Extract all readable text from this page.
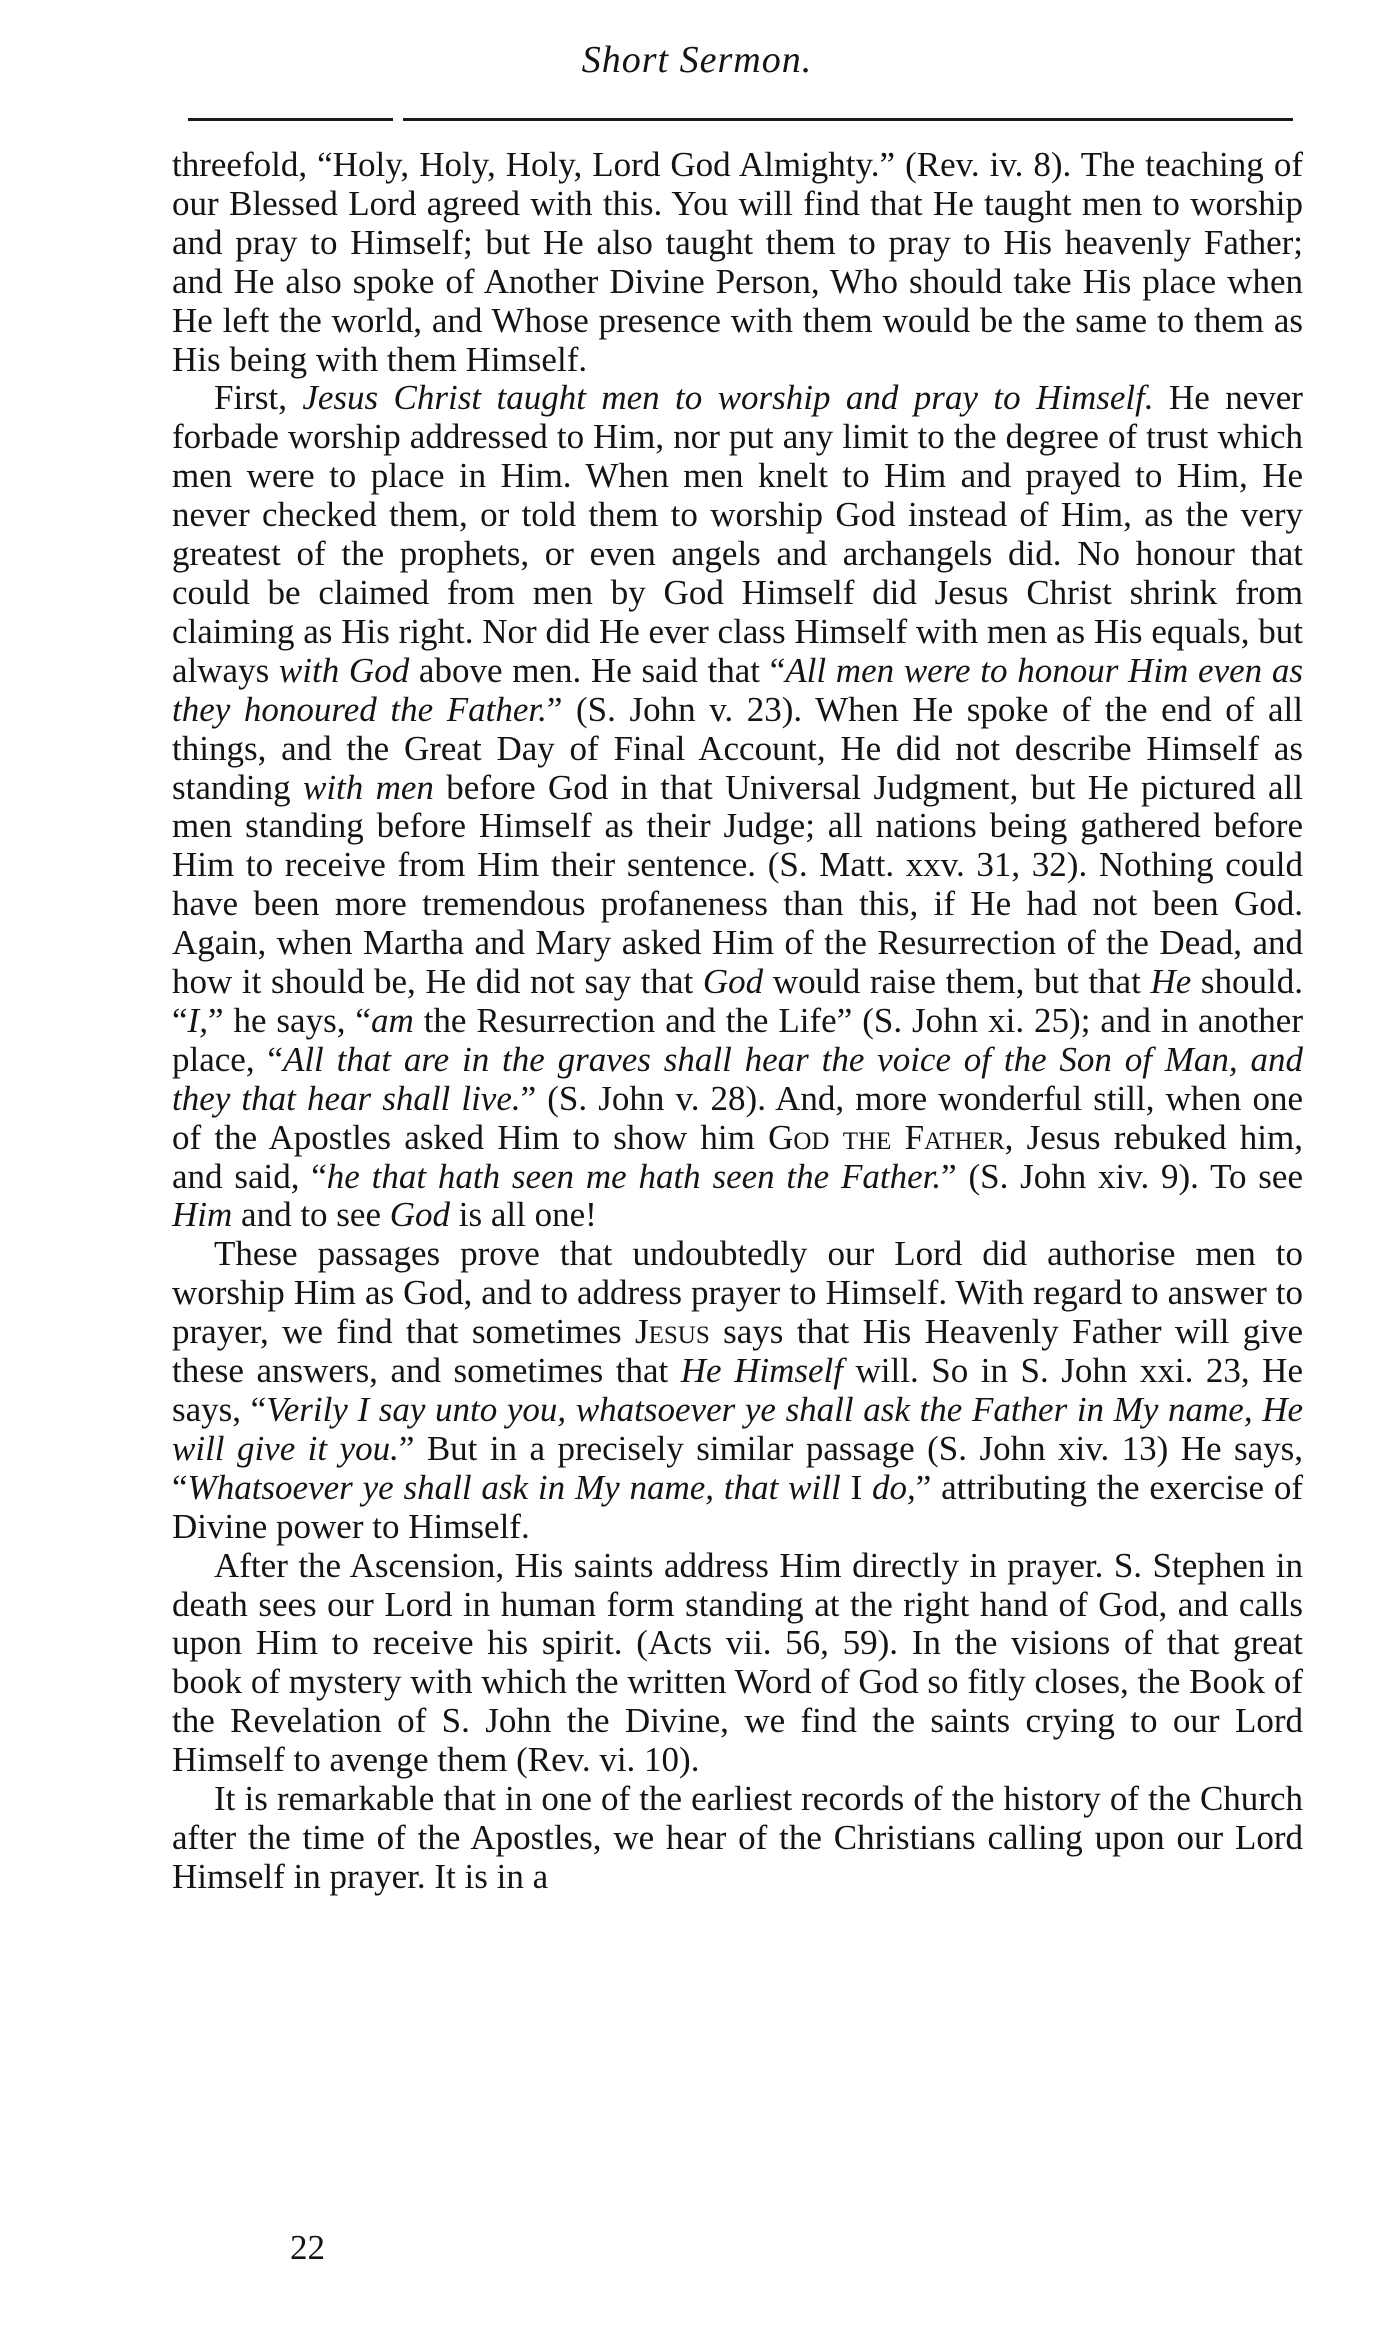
Short Sermon.

threefold, “Holy, Holy, Holy, Lord God Almighty.” (Rev. iv. 8). The teaching of our Blessed Lord agreed with this. You will find that He taught men to worship and pray to Himself; but He also taught them to pray to His heavenly Father; and He also spoke of Another Divine Person, Who should take His place when He left the world, and Whose presence with them would be the same to them as His being with them Himself.

First, Jesus Christ taught men to worship and pray to Himself. He never forbade worship addressed to Him, nor put any limit to the degree of trust which men were to place in Him. When men knelt to Him and prayed to Him, He never checked them, or told them to worship God instead of Him, as the very greatest of the prophets, or even angels and archangels did. No honour that could be claimed from men by God Himself did Jesus Christ shrink from claiming as His right. Nor did He ever class Himself with men as His equals, but always with God above men. He said that “All men were to honour Him even as they honoured the Father.” (S. John v. 23). When He spoke of the end of all things, and the Great Day of Final Account, He did not describe Himself as standing with men before God in that Universal Judgment, but He pictured all men standing before Himself as their Judge; all nations being gathered before Him to receive from Him their sentence. (S. Matt. xxv. 31, 32). Nothing could have been more tremendous profaneness than this, if He had not been God. Again, when Martha and Mary asked Him of the Resurrection of the Dead, and how it should be, He did not say that God would raise them, but that He should. “I,” he says, “am the Resurrection and the Life” (S. John xi. 25); and in another place, “All that are in the graves shall hear the voice of the Son of Man, and they that hear shall live.” (S. John v. 28). And, more wonderful still, when one of the Apostles asked Him to show him God the Father, Jesus rebuked him, and said, “he that hath seen me hath seen the Father.” (S. John xiv. 9). To see Him and to see God is all one!

These passages prove that undoubtedly our Lord did authorise men to worship Him as God, and to address prayer to Himself. With regard to answer to prayer, we find that sometimes Jesus says that His Heavenly Father will give these answers, and sometimes that He Himself will. So in S. John xxi. 23, He says, “Verily I say unto you, whatsoever ye shall ask the Father in My name, He will give it you.” But in a precisely similar passage (S. John xiv. 13) He says, “Whatsoever ye shall ask in My name, that will I do,” attributing the exercise of Divine power to Himself.

After the Ascension, His saints address Him directly in prayer. S. Stephen in death sees our Lord in human form standing at the right hand of God, and calls upon Him to receive his spirit. (Acts vii. 56, 59). In the visions of that great book of mystery with which the written Word of God so fitly closes, the Book of the Revelation of S. John the Divine, we find the saints crying to our Lord Himself to avenge them (Rev. vi. 10).

It is remarkable that in one of the earliest records of the history of the Church after the time of the Apostles, we hear of the Christians calling upon our Lord Himself in prayer. It is in a

22
